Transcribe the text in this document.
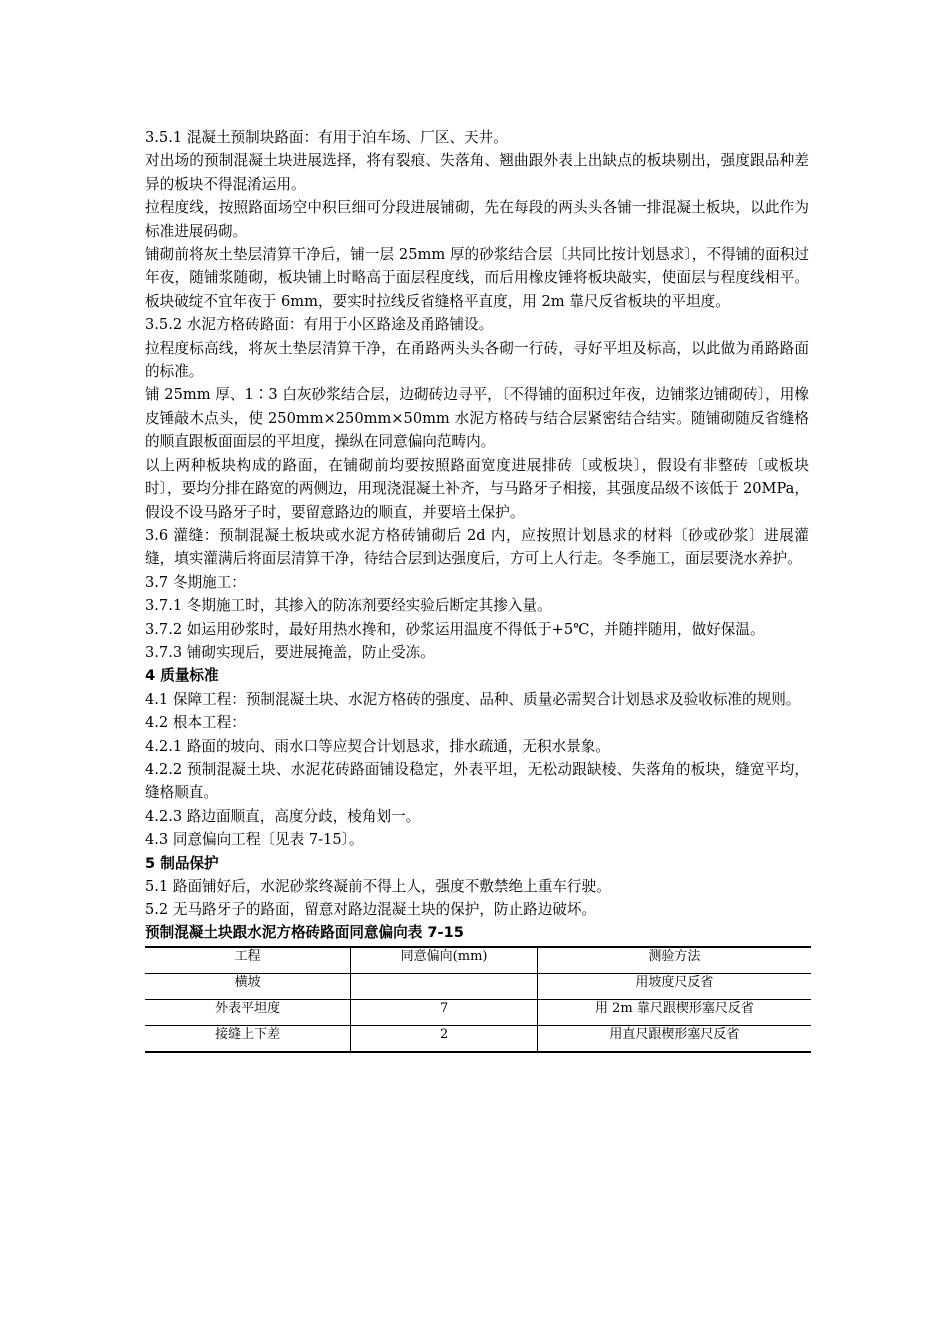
3.5.1 混凝土预制块路面：有用于泊车场、厂区、天井。

对出场的预制混凝土块进展选择，将有裂痕、失落角、翘曲跟外表上出缺点的板块剔出，强度跟品种差异的板块不得混淆运用。

拉程度线，按照路面场空中积巨细可分段进展铺砌，先在每段的两头头各铺一排混凝土板块，以此作为标准进展码砌。

铺砌前将灰土垫层清算干净后，铺一层 25mm 厚的砂浆结合层〔共同比按计划恳求〕，不得铺的面积过年夜，随铺浆随砌，板块铺上时略高于面层程度线，而后用橡皮锤将板块敲实，使面层与程度线相平。板块破绽不宜年夜于 6mm，要实时拉线反省缝格平直度，用 2m 靠尺反省板块的平坦度。

3.5.2 水泥方格砖路面：有用于小区路途及甬路铺设。

拉程度标高线，将灰土垫层清算干净，在甬路两头头各砌一行砖，寻好平坦及标高，以此做为甬路路面的标准。

铺 25mm 厚、1∶3 白灰砂浆结合层，边砌砖边寻平，〔不得铺的面积过年夜，边铺浆边铺砌砖〕，用橡皮锤敲木点头，使 250mm×250mm×50mm 水泥方格砖与结合层紧密结合结实。随铺砌随反省缝格的顺直跟板面面层的平坦度，操纵在同意偏向范畴内。

以上两种板块构成的路面，在铺砌前均要按照路面宽度进展排砖〔或板块〕，假设有非整砖〔或板块时〕，要均分排在路宽的两侧边，用现浇混凝土补齐，与马路牙子相接，其强度品级不该低于 20MPa，假设不设马路牙子时，要留意路边的顺直，并要培土保护。

3.6 灌缝：预制混凝土板块或水泥方格砖铺砌后 2d 内，应按照计划恳求的材料〔砂或砂浆〕进展灌缝，填实灌满后将面层清算干净，待结合层到达强度后，方可上人行走。冬季施工，面层要浇水养护。

3.7 冬期施工：

3.7.1 冬期施工时，其掺入的防冻剂要经实验后断定其掺入量。

3.7.2 如运用砂浆时，最好用热水搀和，砂浆运用温度不得低于+5℃，并随拌随用，做好保温。

3.7.3 铺砌实现后，要进展掩盖，防止受冻。

4 质量标准

4.1 保障工程：预制混凝土块、水泥方格砖的强度、品种、质量必需契合计划恳求及验收标准的规则。

4.2 根本工程：

4.2.1 路面的坡向、雨水口等应契合计划恳求，排水疏通，无积水景象。

4.2.2 预制混凝土块、水泥花砖路面铺设稳定，外表平坦，无松动跟缺棱、失落角的板块，缝宽平均，缝格顺直。

4.2.3 路边面顺直，高度分歧，棱角划一。

4.3 同意偏向工程〔见表 7-15〕。

5 制品保护

5.1 路面铺好后，水泥砂浆终凝前不得上人，强度不敷禁绝上重车行驶。

5.2 无马路牙子的路面，留意对路边混凝土块的保护，防止路边破坏。

预制混凝土块跟水泥方格砖路面同意偏向表 7-15

工程	同意偏向(mm)	测验方法
横坡		用坡度尺反省
外表平坦度	7	用 2m 靠尺跟楔形塞尺反省
接缝上下差	2	用直尺跟楔形塞尺反省
